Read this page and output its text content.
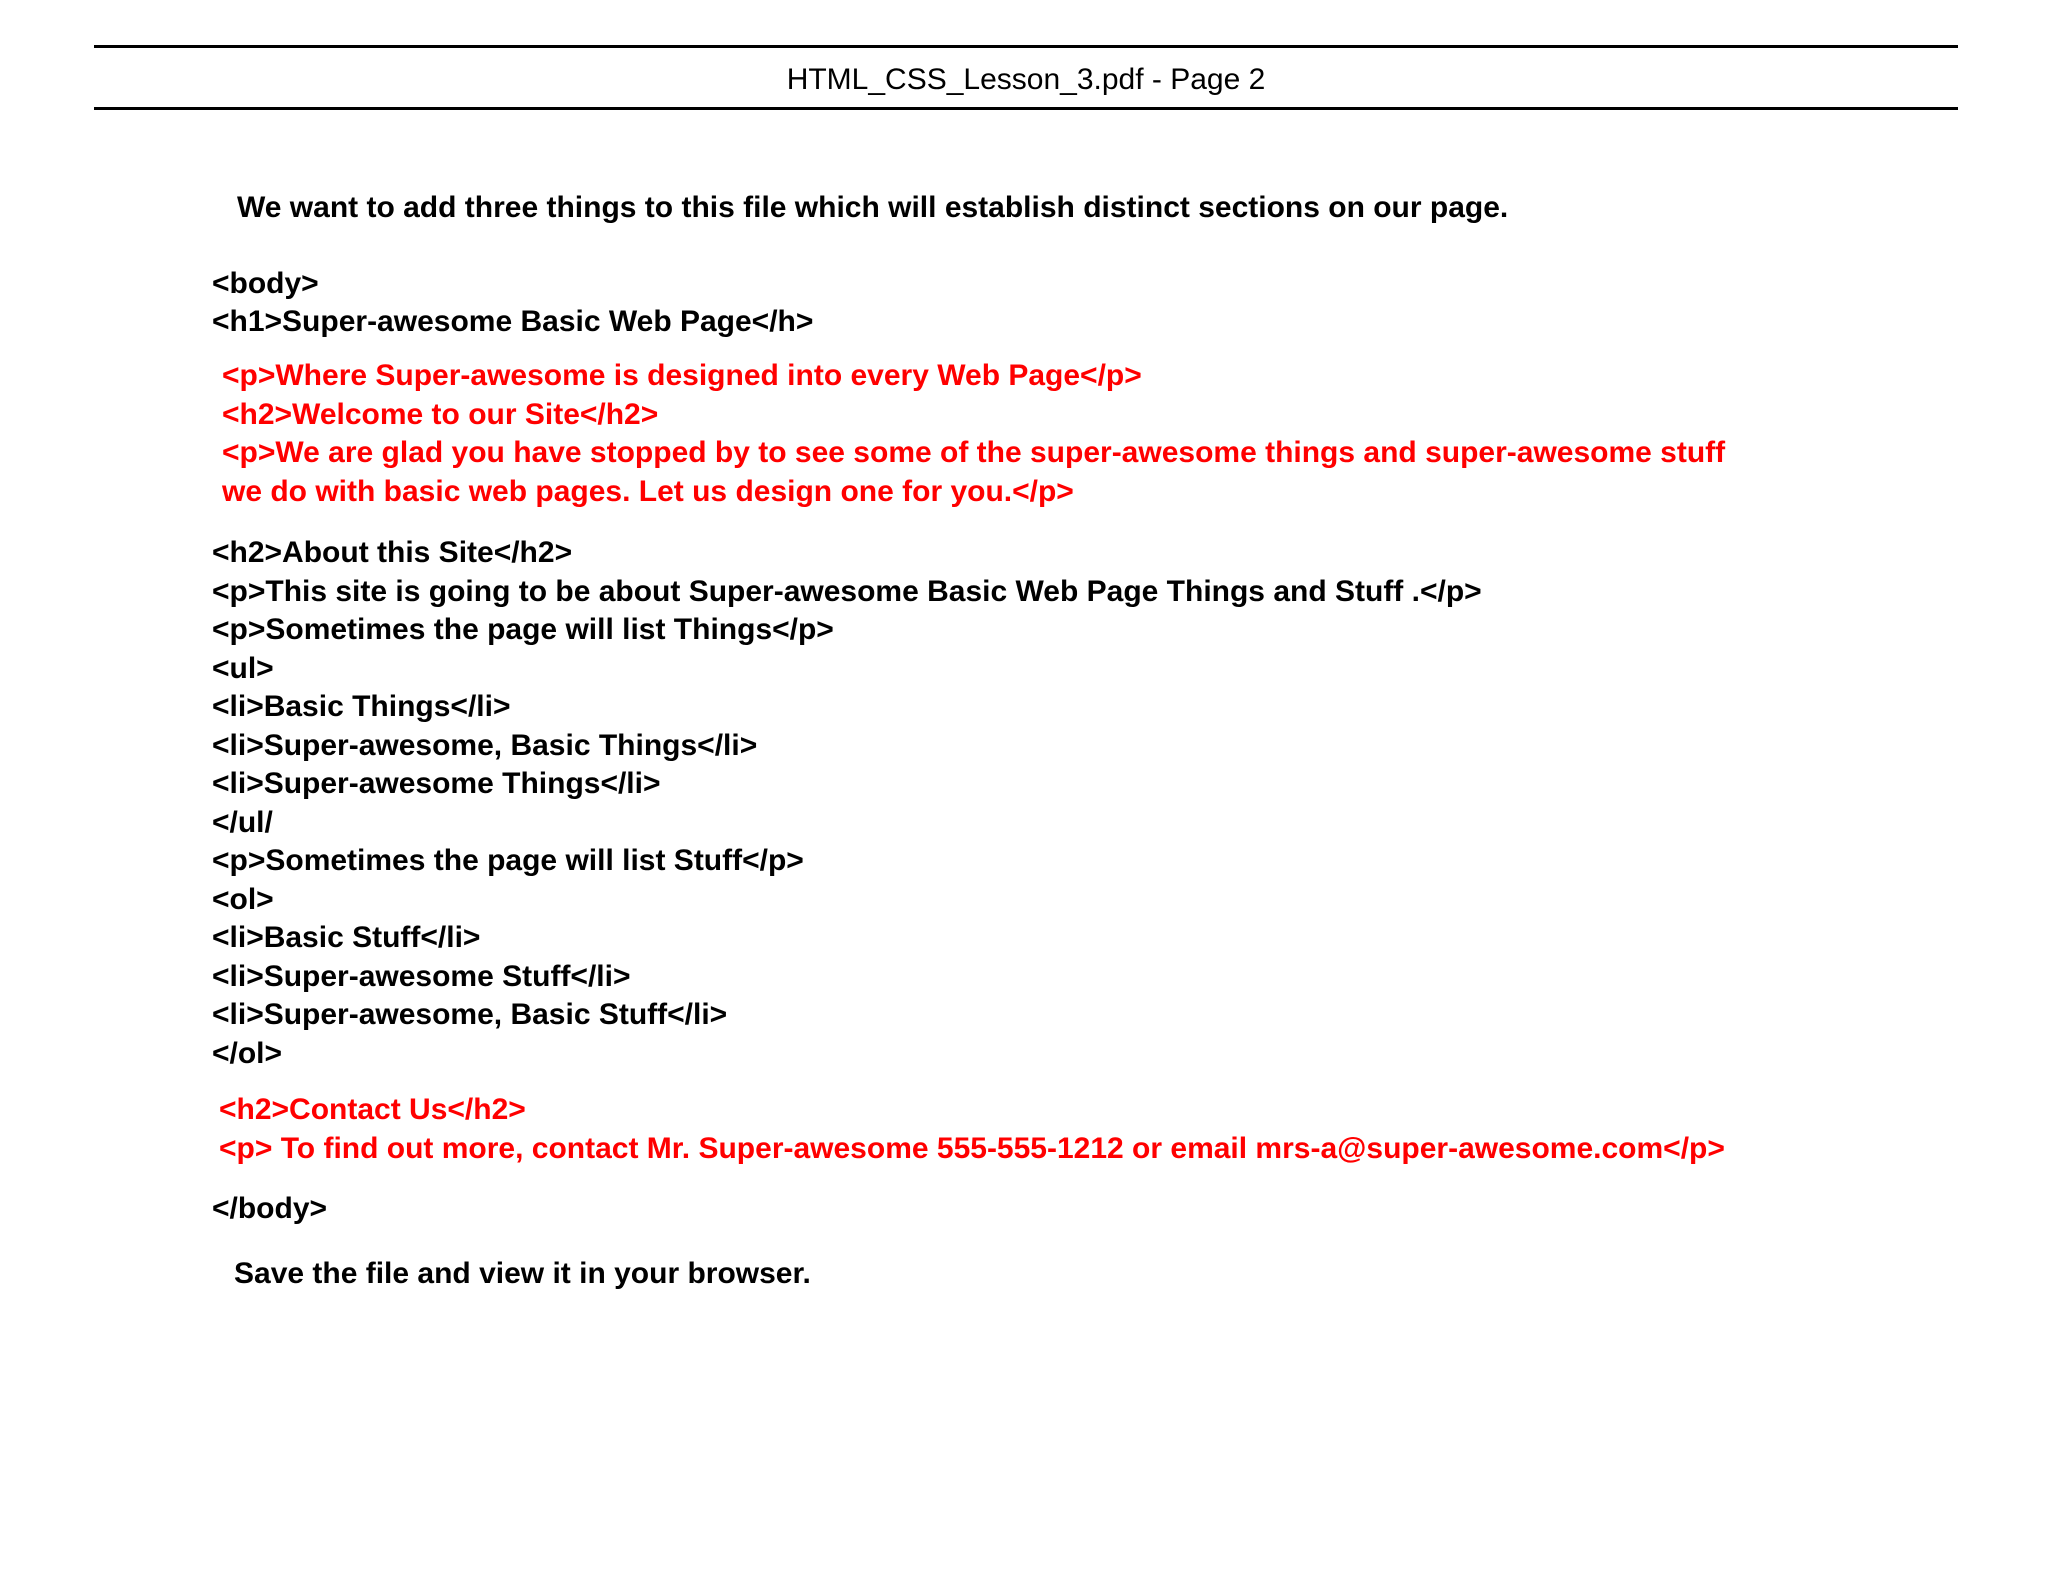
HTML_CSS_Lesson_3.pdf - Page 2
We want to add three things to this file which will establish distinct sections on our page.
<body>
<h1>Super-awesome Basic Web Page</h>
<p>Where Super-awesome is designed into every Web Page</p>
<h2>Welcome to our Site</h2>
<p>We are glad you have stopped by to see some of the super-awesome things and super-awesome stuff
we do with basic web pages. Let us design one for you.</p>
<h2>About this Site</h2>
<p>This site is going to be about Super-awesome Basic Web Page Things and Stuff .</p>
<p>Sometimes the page will list Things</p>
<ul>
<li>Basic Things</li>
<li>Super-awesome, Basic Things</li>
<li>Super-awesome Things</li>
</ul/
<p>Sometimes the page will list Stuff</p>
<ol>
<li>Basic Stuff</li>
<li>Super-awesome Stuff</li>
<li>Super-awesome, Basic Stuff</li>
</ol>
<h2>Contact Us</h2>
<p> To find out more, contact Mr. Super-awesome 555-555-1212 or email mrs-a@super-awesome.com</p>
</body>
Save the file and view it in your browser.
